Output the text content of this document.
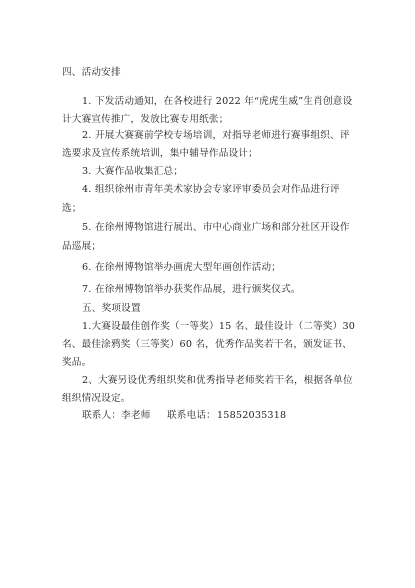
四、活动安排
1. 下发活动通知，在各校进行 2022 年“虎虎生威”生肖创意设
计大赛宣传推广，发放比赛专用纸张；
2. 开展大赛赛前学校专场培训，对指导老师进行赛事组织、评
选要求及宣传系统培训，集中辅导作品设计；
3. 大赛作品收集汇总；
4. 组织徐州市青年美术家协会专家评审委员会对作品进行评
选；
5. 在徐州博物馆进行展出、市中心商业广场和部分社区开设作
品巡展；
6. 在徐州博物馆举办画虎大型年画创作活动；
7. 在徐州博物馆举办获奖作品展，进行颁奖仪式。
五、奖项设置
1.大赛设最佳创作奖（一等奖）15 名、最佳设计（二等奖）30
名、最佳涂鸦奖（三等奖）60 名，优秀作品奖若干名，颁发证书、
奖品。
2、大赛另设优秀组织奖和优秀指导老师奖若干名，根据各单位
组织情况设定。
联系人：李老师 联系电话： 15852035318
